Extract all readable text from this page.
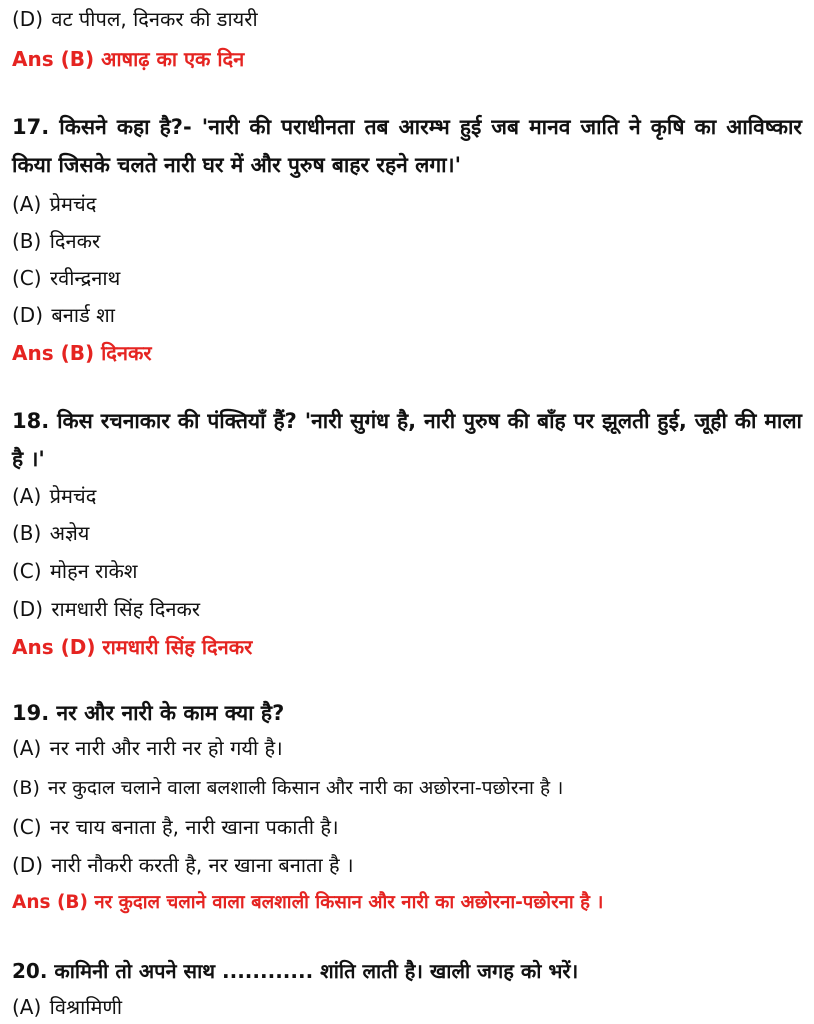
(D) वट पीपल, दिनकर की डायरी
Ans (B) आषाढ़ का एक दिन
17. किसने कहा है?- 'नारी की पराधीनता तब आरम्भ हुई जब मानव जाति ने कृषि का आविष्कार किया जिसके चलते नारी घर में और पुरुष बाहर रहने लगा।'
(A) प्रेमचंद
(B) दिनकर
(C) रवीन्द्रनाथ
(D) बनार्ड शा
Ans (B) दिनकर
18. किस रचनाकार की पंक्तियाँ हैं? 'नारी सुगंध है, नारी पुरुष की बाँह पर झूलती हुई, जूही की माला है ।'
(A) प्रेमचंद
(B) अज्ञेय
(C) मोहन राकेश
(D) रामधारी सिंह दिनकर
Ans (D) रामधारी सिंह दिनकर
19. नर और नारी के काम क्या है?
(A) नर नारी और नारी नर हो गयी है।
(B) नर कुदाल चलाने वाला बलशाली किसान और नारी का अछोरना-पछोरना है ।
(C) नर चाय बनाता है, नारी खाना पकाती है।
(D) नारी नौकरी करती है, नर खाना बनाता है ।
Ans (B) नर कुदाल चलाने वाला बलशाली किसान और नारी का अछोरना-पछोरना है ।
20. कामिनी तो अपने साथ ............ शांति लाती है। खाली जगह को भरें।
(A) विश्रामिणी
